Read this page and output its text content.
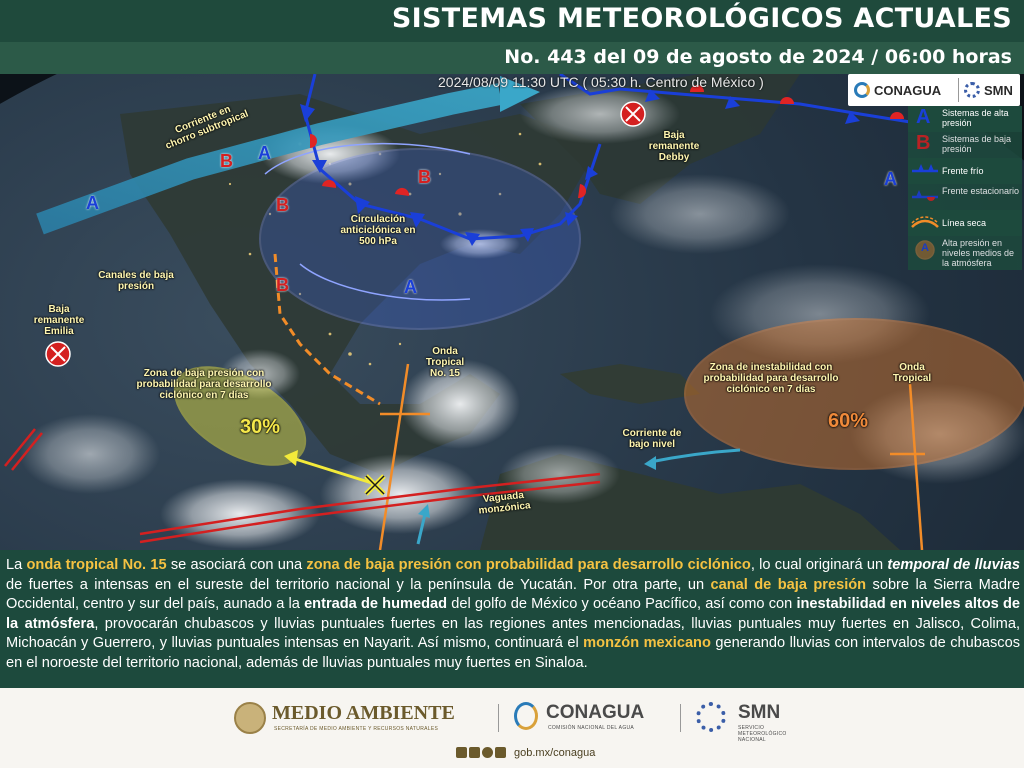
SISTEMAS METEOROLÓGICOS ACTUALES
No. 443 del 09 de agosto de 2024 / 06:00 horas
A
A
A
A
B
B
B
B
Corriente en chorro subtropical
Circulación anticiclónica en 500 hPa
Baja remanente Debby
Baja remanente Emilia
Canales de baja presión
Zona de baja presión con probabilidad para desarrollo ciclónico en 7 días
30%
Onda Tropical No. 15
Corriente de bajo nivel
Vaguada monzónica
Zona de inestabilidad con probabilidad para desarrollo ciclónico en 7 días
60%
Onda Tropical
2024/08/09 11:30 UTC ( 05:30 h. Centro de México )
CONAGUA	SMN
A Sistemas de alta presión
B Sistemas de baja presión
Frente frío
Frente estacionario
Línea seca
A Alta presión en niveles medios de la atmósfera
La onda tropical No. 15 se asociará con una zona de baja presión con probabilidad para desarrollo ciclónico, lo cual originará un temporal de lluvias de fuertes a intensas en el sureste del territorio nacional y la península de Yucatán. Por otra parte, un canal de baja presión sobre la Sierra Madre Occidental, centro y sur del país, aunado a la entrada de humedad del golfo de México y océano Pacífico, así como con inestabilidad en niveles altos de la atmósfera, provocarán chubascos y lluvias puntuales fuertes en las regiones antes mencionadas, lluvias puntuales muy fuertes en Jalisco, Colima, Michoacán y Guerrero, y lluvias puntuales intensas en Nayarit. Así mismo, continuará el monzón mexicano generando lluvias con intervalos de chubascos en el noroeste del territorio nacional, además de lluvias puntuales muy fuertes en Sinaloa.
MEDIO AMBIENTE
SECRETARÍA DE MEDIO AMBIENTE Y RECURSOS NATURALES
CONAGUA
COMISIÓN NACIONAL DEL AGUA
SMN
SERVICIO METEOROLÓGICO NACIONAL
gob.mx/conagua
